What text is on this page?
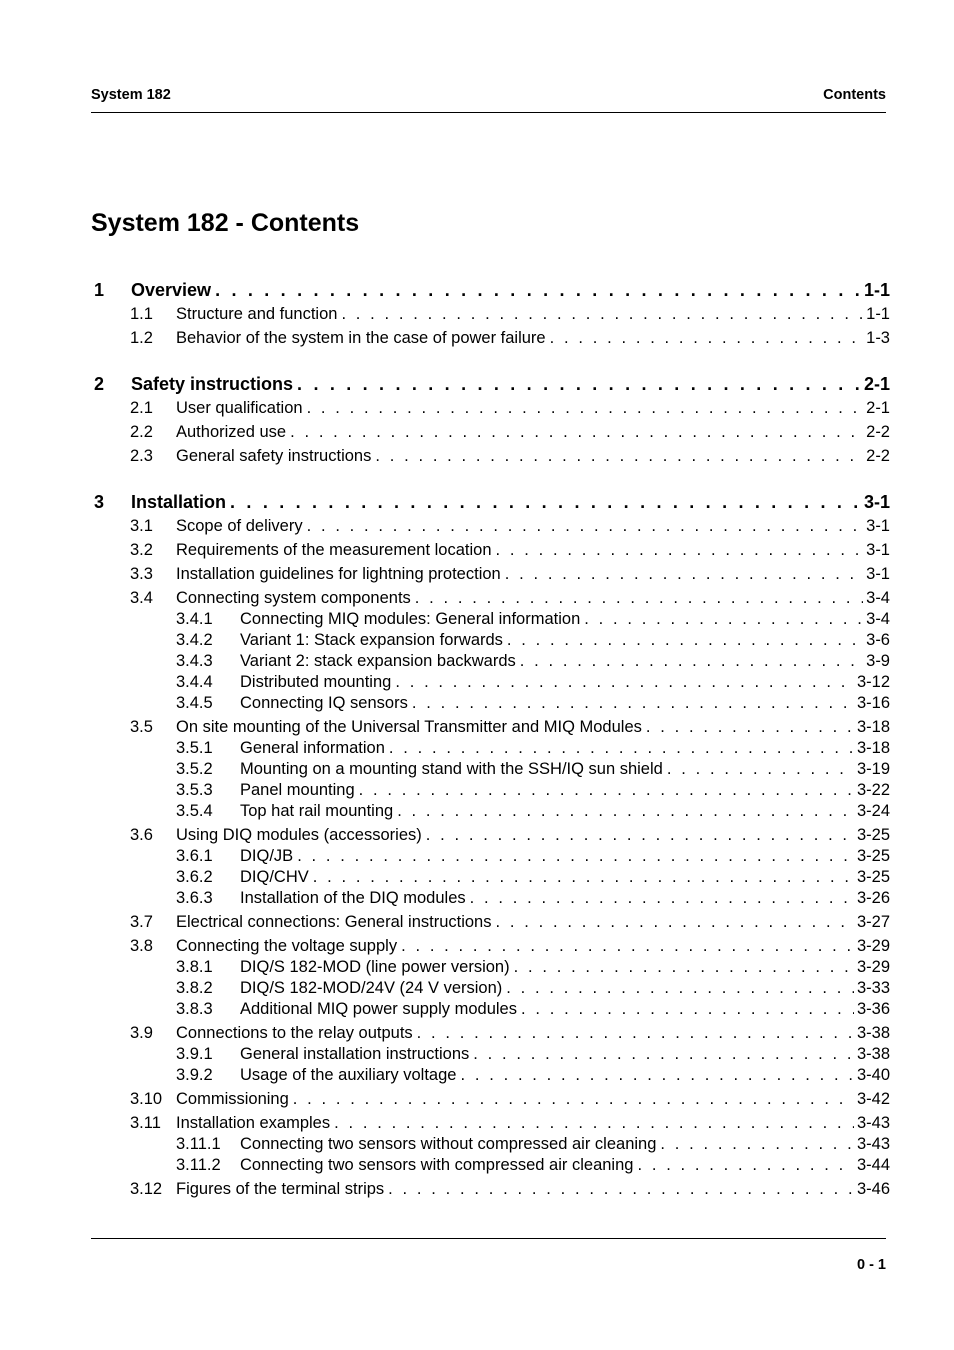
System 182	Contents
System 182 - Contents
1 Overview . . .	1-1
1.1 Structure and function . . .	1-1
1.2 Behavior of the system in the case of power failure . . .	1-3
2 Safety instructions . . .	2-1
2.1 User qualification . . .	2-1
2.2 Authorized use . . .	2-2
2.3 General safety instructions . . .	2-2
3 Installation . . .	3-1
3.1 Scope of delivery . . .	3-1
3.2 Requirements of the measurement location . . .	3-1
3.3 Installation guidelines for lightning protection . . .	3-1
3.4 Connecting system components . . .	3-4
3.4.1 Connecting MIQ modules: General information . . .	3-4
3.4.2 Variant 1: Stack expansion forwards . . .	3-6
3.4.3 Variant 2: stack expansion backwards . . .	3-9
3.4.4 Distributed mounting . . .	3-12
3.4.5 Connecting IQ sensors . . .	3-16
3.5 On site mounting of the Universal Transmitter and MIQ Modules . . .	3-18
3.5.1 General information . . .	3-18
3.5.2 Mounting on a mounting stand with the SSH/IQ sun shield . . .	3-19
3.5.3 Panel mounting . . .	3-22
3.5.4 Top hat rail mounting . . .	3-24
3.6 Using DIQ modules (accessories) . . .	3-25
3.6.1 DIQ/JB . . .	3-25
3.6.2 DIQ/CHV . . .	3-25
3.6.3 Installation of the DIQ modules . . .	3-26
3.7 Electrical connections: General instructions . . .	3-27
3.8 Connecting the voltage supply . . .	3-29
3.8.1 DIQ/S 182-MOD (line power version) . . .	3-29
3.8.2 DIQ/S 182-MOD/24V (24 V version) . . .	3-33
3.8.3 Additional MIQ power supply modules . . .	3-36
3.9 Connections to the relay outputs . . .	3-38
3.9.1 General installation instructions . . .	3-38
3.9.2 Usage of the auxiliary voltage . . .	3-40
3.10 Commissioning . . .	3-42
3.11 Installation examples . . .	3-43
3.11.1 Connecting two sensors without compressed air cleaning . . .	3-43
3.11.2 Connecting two sensors with compressed air cleaning . . .	3-44
3.12 Figures of the terminal strips . . .	3-46
0 - 1
